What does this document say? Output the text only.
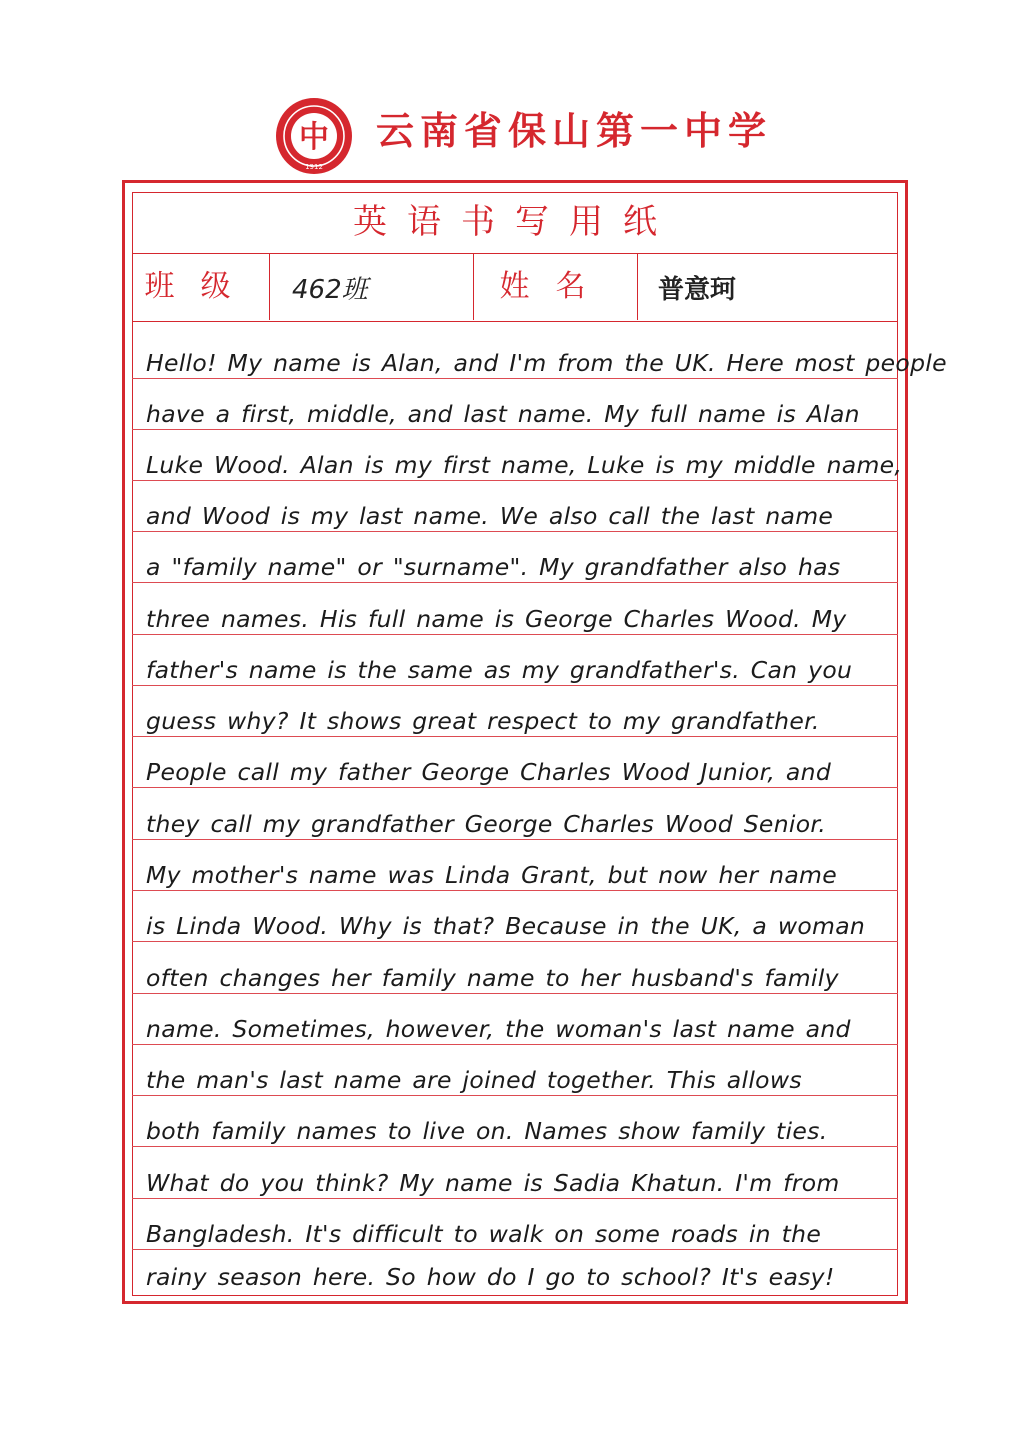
中
1912
云南省保山第一中学
英语书写用纸
班级	462班	姓名	普意珂
Hello! My name is Alan, and I'm from the UK. Here most people
have a first, middle, and last name. My full name is Alan
Luke Wood. Alan is my first name, Luke is my middle name,
and Wood is my last name. We also call the last name
a "family name" or "surname". My grandfather also has
three names. His full name is George Charles Wood. My
father's name is the same as my grandfather's. Can you
guess why? It shows great respect to my grandfather.
People call my father George Charles Wood Junior, and
they call my grandfather George Charles Wood Senior.
My mother's name was Linda Grant, but now her name
is Linda Wood. Why is that? Because in the UK, a woman
often changes her family name to her husband's family
name. Sometimes, however, the woman's last name and
the man's last name are joined together. This allows
both family names to live on. Names show family ties.
What do you think? My name is Sadia Khatun. I'm from
Bangladesh. It's difficult to walk on some roads in the
rainy season here. So how do I go to school? It's easy!
